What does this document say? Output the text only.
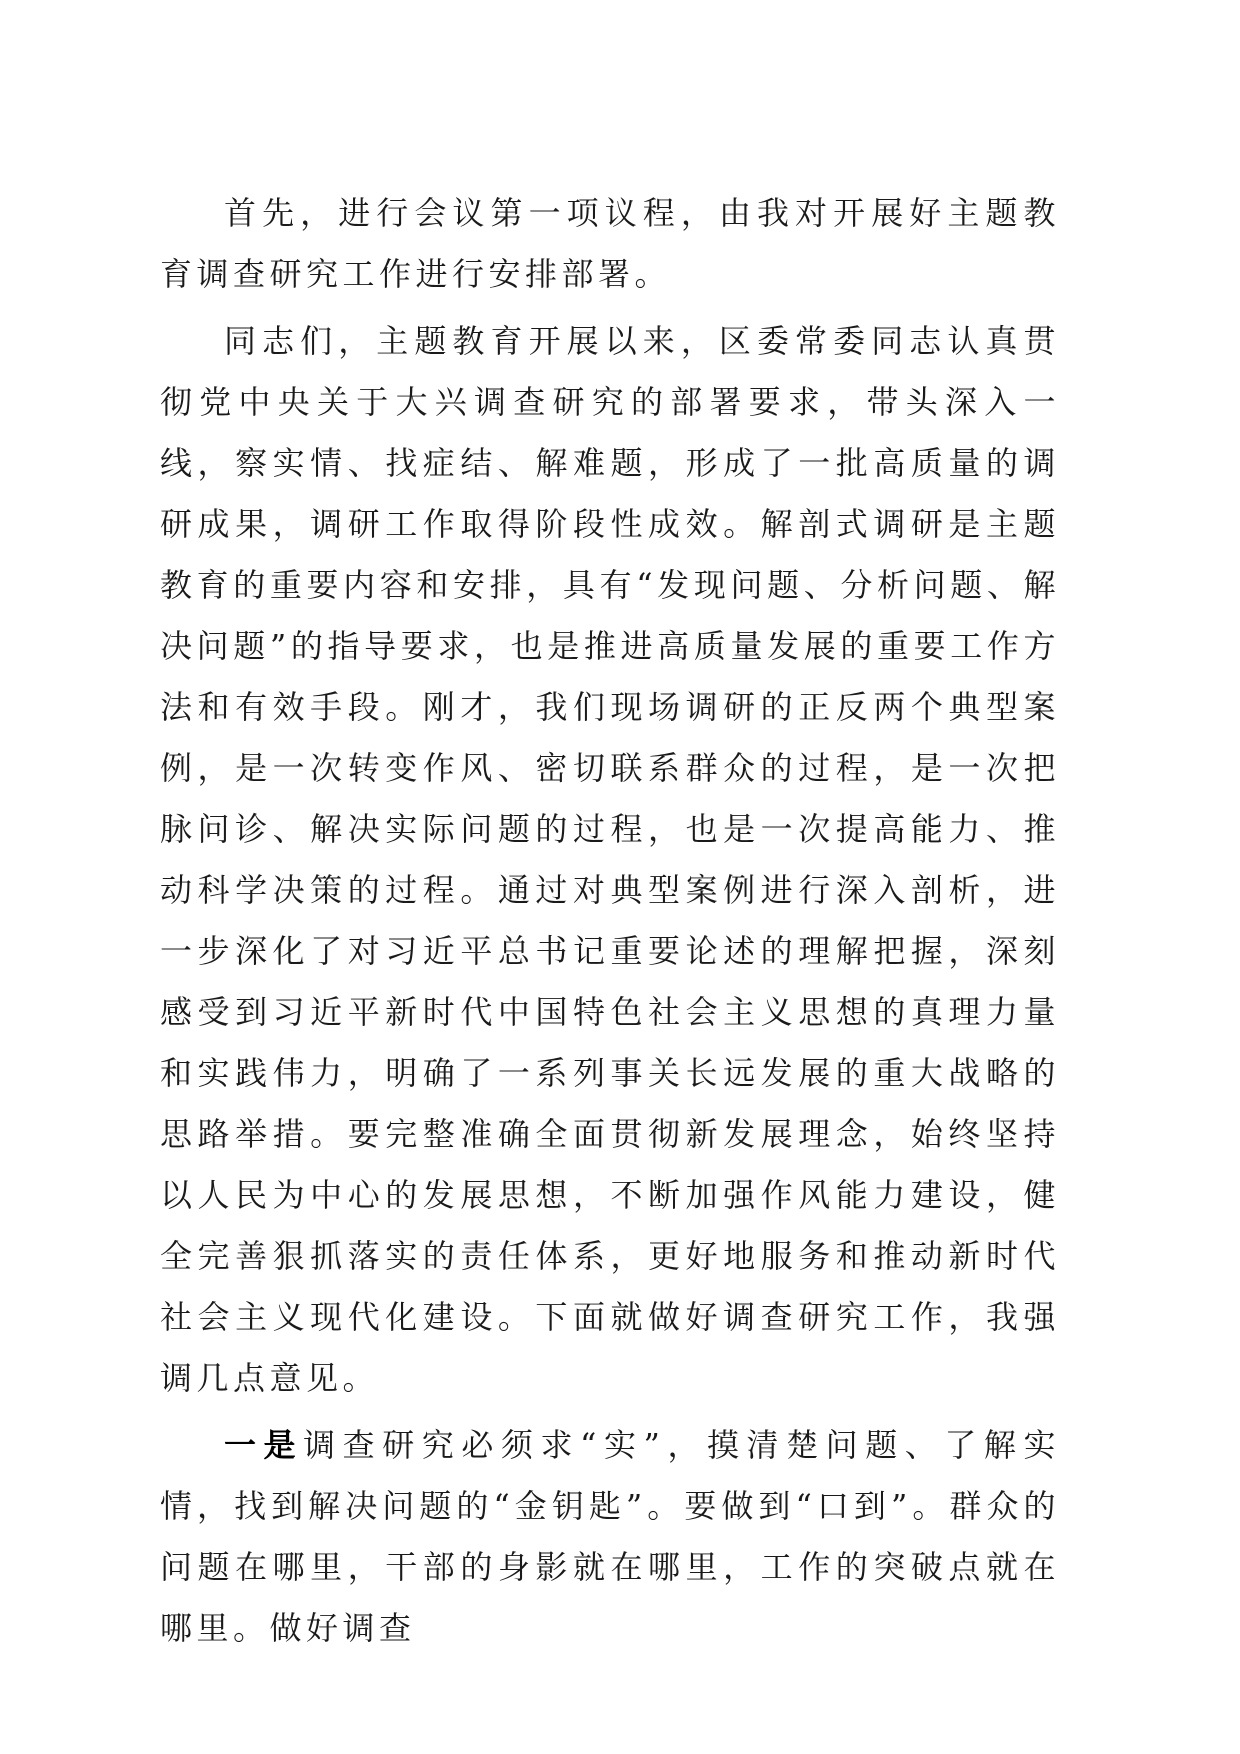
首先，进行会议第一项议程，由我对开展好主题教育调查研究工作进行安排部署。

同志们，主题教育开展以来，区委常委同志认真贯彻党中央关于大兴调查研究的部署要求，带头深入一线，察实情、找症结、解难题，形成了一批高质量的调研成果，调研工作取得阶段性成效。解剖式调研是主题教育的重要内容和安排，具有“发现问题、分析问题、解决问题”的指导要求，也是推进高质量发展的重要工作方法和有效手段。刚才，我们现场调研的正反两个典型案例，是一次转变作风、密切联系群众的过程，是一次把脉问诊、解决实际问题的过程，也是一次提高能力、推动科学决策的过程。通过对典型案例进行深入剖析，进一步深化了对习近平总书记重要论述的理解把握，深刻感受到习近平新时代中国特色社会主义思想的真理力量和实践伟力，明确了一系列事关长远发展的重大战略的思路举措。要完整准确全面贯彻新发展理念，始终坚持以人民为中心的发展思想，不断加强作风能力建设，健全完善狠抓落实的责任体系，更好地服务和推动新时代社会主义现代化建设。下面就做好调查研究工作，我强调几点意见。

一是调查研究必须求“实”，摸清楚问题、了解实情，找到解决问题的“金钥匙”。要做到“口到”。群众的问题在哪里，干部的身影就在哪里，工作的突破点就在哪里。做好调查
